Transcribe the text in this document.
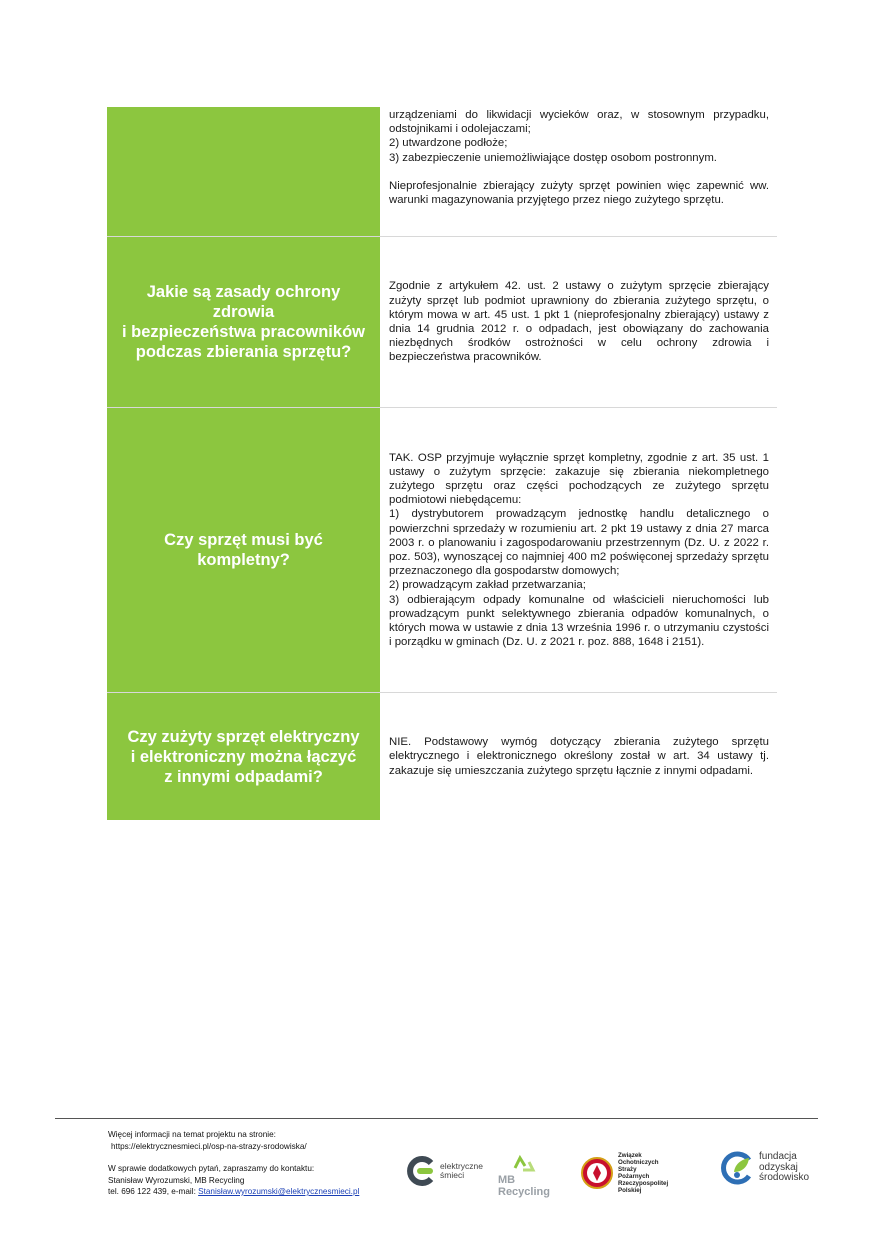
urządzeniami do likwidacji wycieków oraz, w stosownym przypadku, odstojnikami i odolejaczami;

2) utwardzone podłoże;

3) zabezpieczenie uniemożliwiające dostęp osobom postronnym.

Nieprofesjonalnie zbierający zużyty sprzęt powinien więc zapewnić ww. warunki magazynowania przyjętego przez niego zużytego sprzętu.

Jakie są zasady ochrony zdrowia
i bezpieczeństwa pracowników
podczas zbierania sprzętu?

Zgodnie z artykułem 42. ust. 2 ustawy o zużytym sprzęcie zbierający zużyty sprzęt lub podmiot uprawniony do zbierania zużytego sprzętu, o którym mowa w art. 45 ust. 1 pkt 1 (nieprofesjonalny zbierający) ustawy z dnia 14 grudnia 2012 r. o odpadach, jest obowiązany do zachowania niezbędnych środków ostrożności w celu ochrony zdrowia i bezpieczeństwa pracowników.

Czy sprzęt musi być kompletny?

TAK. OSP przyjmuje wyłącznie sprzęt kompletny, zgodnie z art. 35 ust. 1 ustawy o zużytym sprzęcie: zakazuje się zbierania niekompletnego zużytego sprzętu oraz części pochodzących ze zużytego sprzętu podmiotowi niebędącemu:

1) dystrybutorem prowadzącym jednostkę handlu detalicznego o powierzchni sprzedaży w rozumieniu art. 2 pkt 19 ustawy z dnia 27 marca 2003 r. o planowaniu i zagospodarowaniu przestrzennym (Dz. U. z 2022 r. poz. 503), wynoszącej co najmniej 400 m2 poświęconej sprzedaży sprzętu przeznaczonego dla gospodarstw domowych;

2) prowadzącym zakład przetwarzania;

3) odbierającym odpady komunalne od właścicieli nieruchomości lub prowadzącym punkt selektywnego zbierania odpadów komunalnych, o których mowa w ustawie z dnia 13 września 1996 r. o utrzymaniu czystości i porządku w gminach (Dz. U. z 2021 r. poz. 888, 1648 i 2151).

Czy zużyty sprzęt elektryczny
i elektroniczny można łączyć
z innymi odpadami?

NIE. Podstawowy wymóg dotyczący zbierania zużytego sprzętu elektrycznego i elektronicznego określony został w art. 34 ustawy tj. zakazuje się umieszczania zużytego sprzętu łącznie z innymi odpadami.

Więcej informacji na temat projektu na stronie:
https://elektrycznesmieci.pl/osp-na-strazy-srodowiska/
W sprawie dodatkowych pytań, zapraszamy do kontaktu:
Stanisław Wyrozumski, MB Recycling
tel. 696 122 439, e-mail: Stanisław.wyrozumski@elektrycznesmieci.pl
elektryczne
śmieci	MB Recycling
Związek Ochotniczych
Straży Pożarnych
Rzeczypospolitej Polskiej
fundacja
odzyskaj
środowisko
